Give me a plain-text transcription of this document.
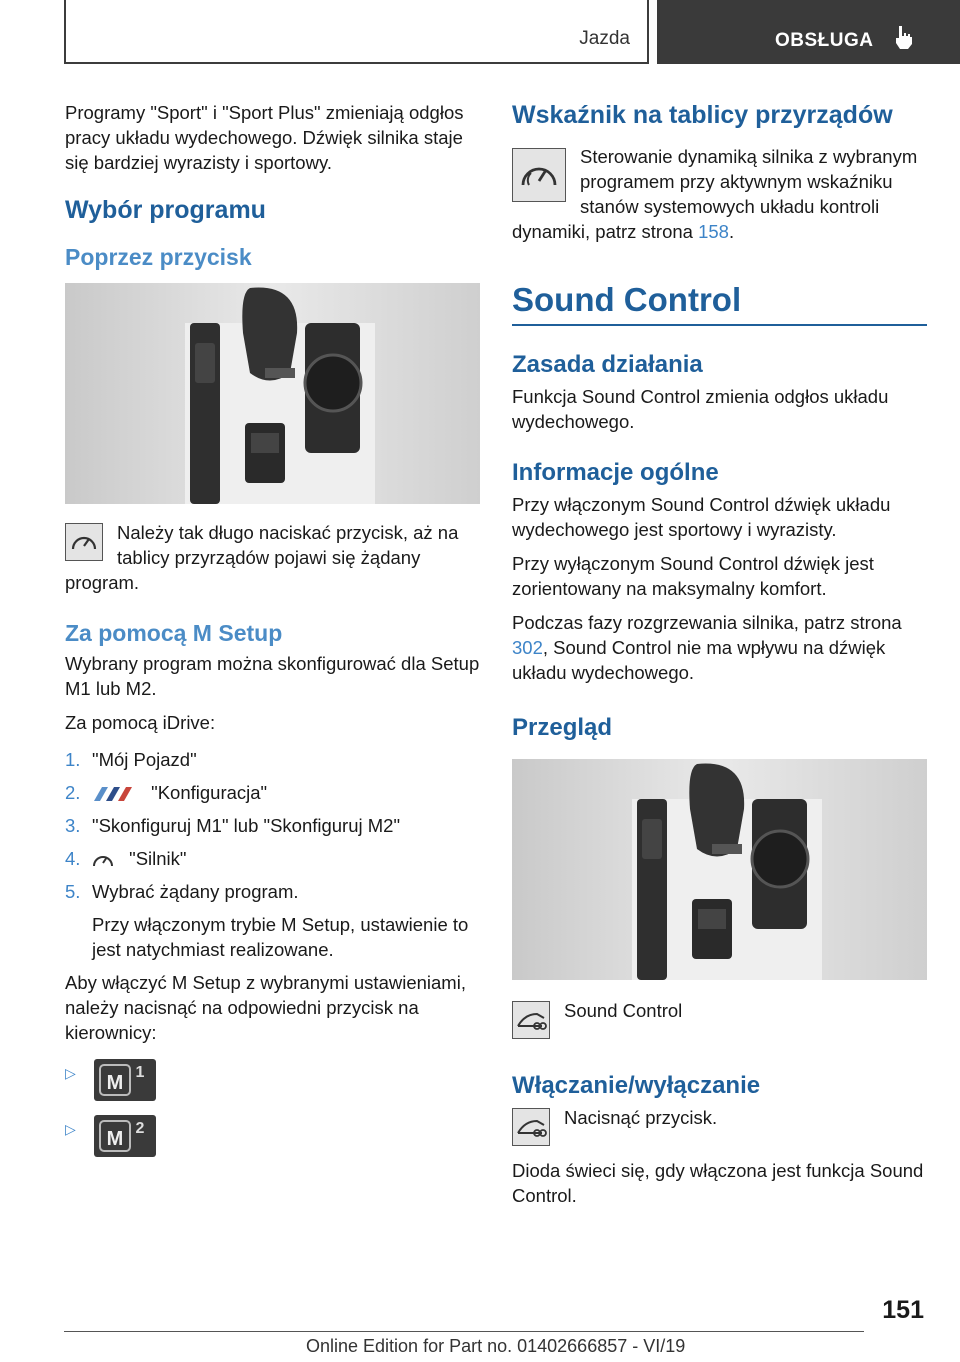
Jazda	OBSŁUGA

Programy "Sport" i "Sport Plus" zmieniają odgłos pracy układu wydechowego. Dźwięk silnika staje się bardziej wyrazisty i sportowy.

Wybór programu
Poprzez przycisk

Należy tak długo naciskać przycisk, aż na tablicy przyrządów pojawi się żądany program.

Za pomocą M Setup

Wybrany program można skonfigurować dla Setup M1 lub M2.

Za pomocą iDrive:

1. "Mój Pojazd"
2.	"Konfiguracja"
3. "Skonfiguruj M1" lub "Skonfiguruj M2"
4.	"Silnik"
5. Wybrać żądany program.
Przy włączonym trybie M Setup, ustawienie to jest natychmiast realizowane.

Aby włączyć M Setup z wybranymi ustawieniami, należy nacisnąć na odpowiedni przycisk na kierownicy:

▷ M 1
▷ M 2
Wskaźnik na tablicy przyrządów

Sterowanie dynamiką silnika z wybranym programem przy aktywnym wskaźniku stanów systemowych układu kontroli dynamiki, patrz strona 158.

Sound Control
Zasada działania

Funkcja Sound Control zmienia odgłos układu wydechowego.

Informacje ogólne

Przy włączonym Sound Control dźwięk układu wydechowego jest sportowy i wyrazisty.

Przy wyłączonym Sound Control dźwięk jest zorientowany na maksymalny komfort.

Podczas fazy rozgrzewania silnika, patrz strona 302, Sound Control nie ma wpływu na dźwięk układu wydechowego.

Przegląd

Sound Control

Włączanie/wyłączanie

Nacisnąć przycisk.

Dioda świeci się, gdy włączona jest funkcja Sound Control.

151
Online Edition for Part no. 01402666857 - VI/19
